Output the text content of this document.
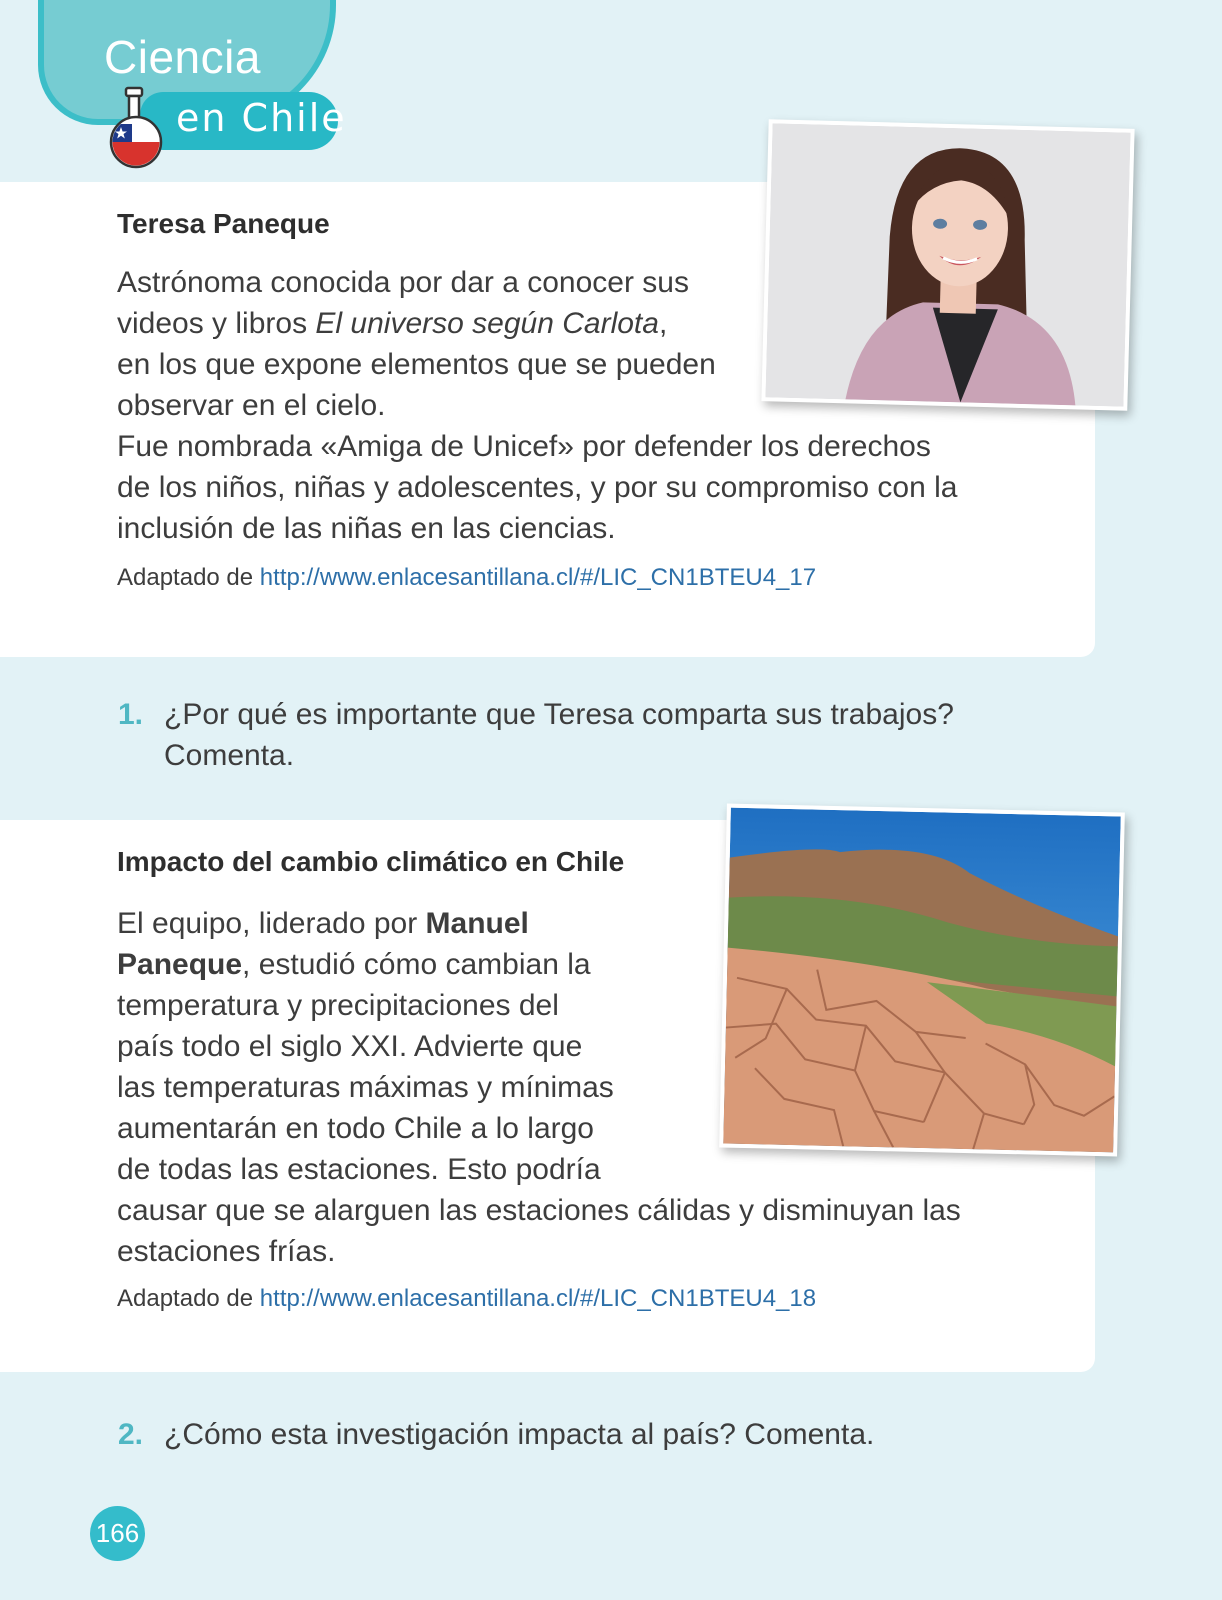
Ciencia
en Chile
Teresa Paneque
Astrónoma conocida por dar a conocer sus
videos y libros El universo según Carlota,
en los que expone elementos que se pueden
observar en el cielo.
Fue nombrada «Amiga de Unicef» por defender los derechos
de los niños, niñas y adolescentes, y por su compromiso con la
inclusión de las niñas en las ciencias.
Adaptado de http://www.enlacesantillana.cl/#/LIC_CN1BTEU4_17
1. ¿Por qué es importante que Teresa comparta sus trabajos?
Comenta.
Impacto del cambio climático en Chile
El equipo, liderado por Manuel
Paneque, estudió cómo cambian la
temperatura y precipitaciones del
país todo el siglo XXI. Advierte que
las temperaturas máximas y mínimas
aumentarán en todo Chile a lo largo
de todas las estaciones. Esto podría
causar que se alarguen las estaciones cálidas y disminuyan las
estaciones frías.
Adaptado de http://www.enlacesantillana.cl/#/LIC_CN1BTEU4_18
2. ¿Cómo esta investigación impacta al país? Comenta.
166
